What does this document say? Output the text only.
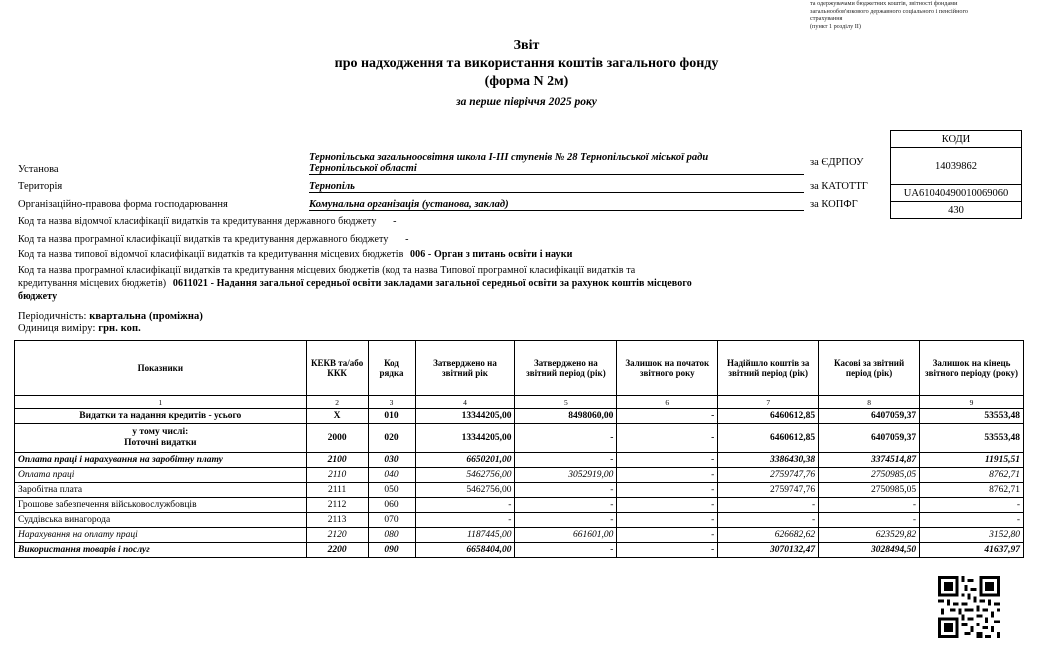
та одержувачами бюджетних коштів, звітності фондами
загальнообов'язкового державного соціального і пенсійного
страхування
(пункт 1 розділу II)
Звіт
про надходження та використання коштів загального фонду
(форма N 2м)
за перше півріччя 2025 року
КОДИ
14039862
UA61040490010069060
430
за ЄДРПОУ
за КАТОТТГ
за КОПФГ
Установа
Тернопільська загальноосвітня школа І-ІІІ ступенів № 28 Тернопільської міської ради
Тернопільської області
Територія	Тернопіль
Організаційно-правова форма господарювання	Комунальна організація (установа, заклад)
Код та назва відомчої класифікації видатків та кредитування державного бюджету -
Код та назва програмної класифікації видатків та кредитування державного бюджету -
Код та назва типової відомчої класифікації видатків та кредитування місцевих бюджетів 006 - Орган з питань освіти і науки
Код та назва програмної класифікації видатків та кредитування місцевих бюджетів (код та назва Типової програмної класифікації видатків та
кредитування місцевих бюджетів) 0611021 - Надання загальної середньої освіти закладами загальної середньої освіти за рахунок коштів місцевого
бюджету
Періодичність: квартальна (проміжна)
Одиниця виміру: грн. коп.
Показники	КЕКВ та/або ККК	Код рядка	Затверджено на звітний рік	Затверджено на звітний період (рік)	Залишок на початок звітного року	Надійшло коштів за звітний період (рік)	Касові за звітний період (рік)	Залишок на кінець звітного періоду (року)
1	2	3	4	5	6	7	8	9
Видатки та надання кредитів - усього	X	010	13344205,00	8498060,00	-	6460612,85	6407059,37	53553,48

у тому числі:
Поточні видатки	2000	020	13344205,00	-	-	6460612,85	6407059,37	53553,48
Оплата праці і нарахування на заробітну плату	2100	030	6650201,00	-	-	3386430,38	3374514,87	11915,51
Оплата праці	2110	040	5462756,00	3052919,00	-	2759747,76	2750985,05	8762,71
Заробітна плата	2111	050	5462756,00	-	-	2759747,76	2750985,05	8762,71
Грошове забезпечення військовослужбовців	2112	060	-	-	-	-	-	-
Суддівська винагорода	2113	070	-	-	-	-	-	-
Нарахування на оплату праці	2120	080	1187445,00	661601,00	-	626682,62	623529,82	3152,80
Використання товарів і послуг	2200	090	6658404,00	-	-	3070132,47	3028494,50	41637,97
